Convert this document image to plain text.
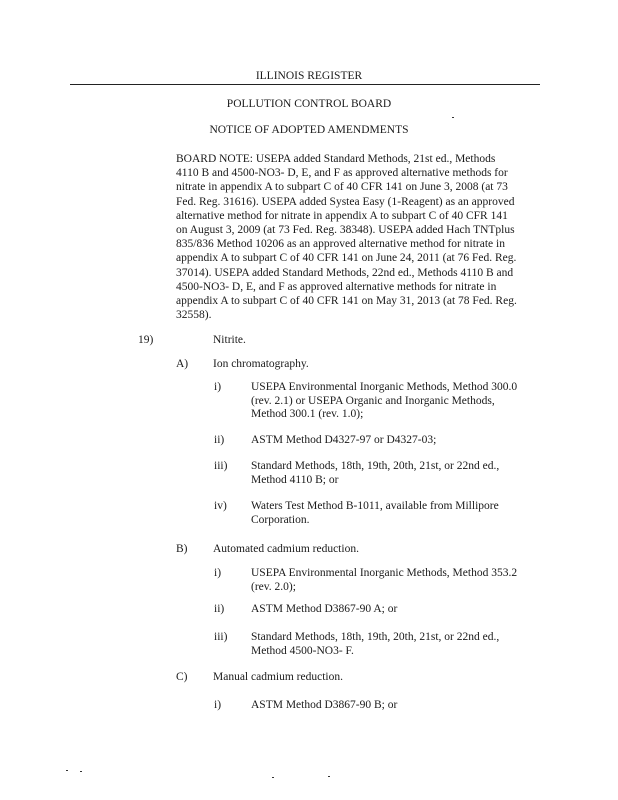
ILLINOIS REGISTER
POLLUTION CONTROL BOARD
NOTICE OF ADOPTED AMENDMENTS

BOARD NOTE: USEPA added Standard Methods, 21st ed., Methods

4110 B and 4500-NO3- D, E, and F as approved alternative methods for

nitrate in appendix A to subpart C of 40 CFR 141 on June 3, 2008 (at 73

Fed. Reg. 31616). USEPA added Systea Easy (1-Reagent) as an approved

alternative method for nitrate in appendix A to subpart C of 40 CFR 141

on August 3, 2009 (at 73 Fed. Reg. 38348). USEPA added Hach TNTplus

835/836 Method 10206 as an approved alternative method for nitrate in

appendix A to subpart C of 40 CFR 141 on June 24, 2011 (at 76 Fed. Reg.

37014). USEPA added Standard Methods, 22nd ed., Methods 4110 B and

4500-NO3- D, E, and F as approved alternative methods for nitrate in

appendix A to subpart C of 40 CFR 141 on May 31, 2013 (at 78 Fed. Reg.

32558).

19)	Nitrite.
A) Ion chromatography.
i)	USEPA Environmental Inorganic Methods, Method 300.0
(rev. 2.1) or USEPA Organic and Inorganic Methods,
Method 300.1 (rev. 1.0);
ii) ASTM Method D4327-97 or D4327-03;
iii) Standard Methods, 18th, 19th, 20th, 21st, or 22nd ed.,
Method 4110 B; or
iv) Waters Test Method B-1011, available from Millipore
Corporation.
B) Automated cadmium reduction.
i)	USEPA Environmental Inorganic Methods, Method 353.2
(rev. 2.0);
ii) ASTM Method D3867-90 A; or
iii) Standard Methods, 18th, 19th, 20th, 21st, or 22nd ed.,
Method 4500-NO3- F.
C) Manual cadmium reduction.
i)	ASTM Method D3867-90 B; or
